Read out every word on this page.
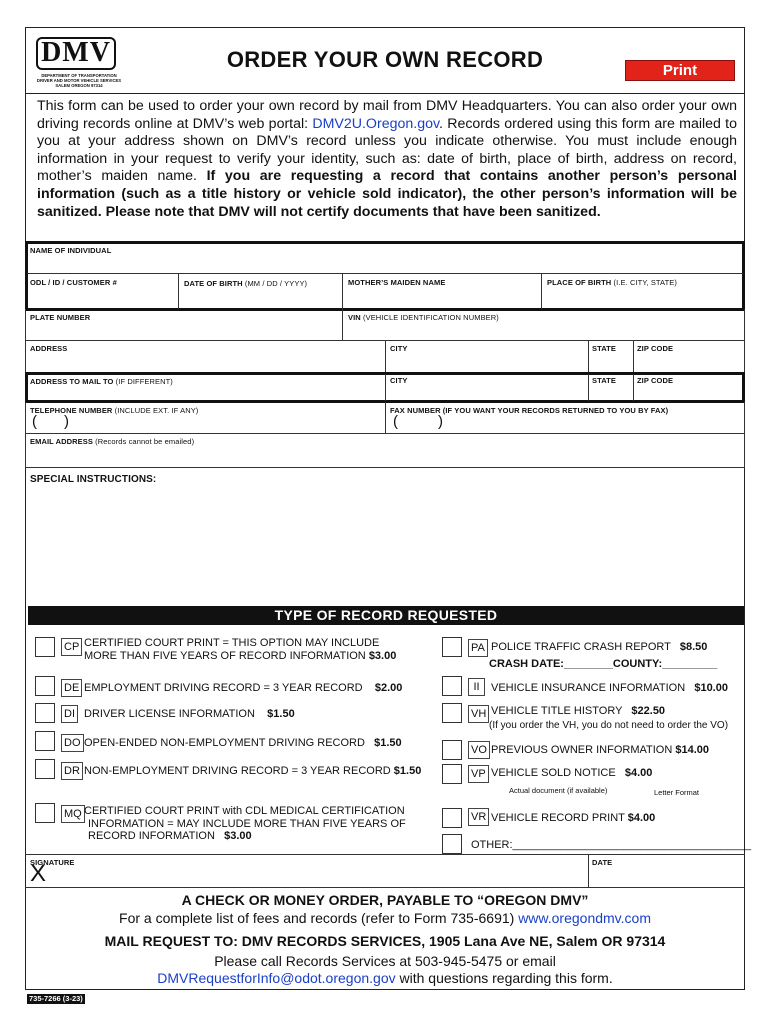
DMV
DEPARTMENT OF TRANSPORTATION DRIVER AND MOTOR VEHICLE SERVICES SALEM OREGON 97314
ORDER YOUR OWN RECORD	Print
This form can be used to order your own record by mail from DMV Headquarters. You can also order your own driving records online at DMV’s web portal: DMV2U.Oregon.gov. Records ordered using this form are mailed to you at your address shown on DMV’s record unless you indicate otherwise. You must include enough information in your request to verify your identity, such as: date of birth, place of birth, address on record, mother’s maiden name. If you are requesting a record that contains another person’s personal information (such as a title history or vehicle sold indicator), the other person’s information will be sanitized. Please note that DMV will not certify documents that have been sanitized.
NAME OF INDIVIDUAL
ODL / ID / CUSTOMER #	DATE OF BIRTH (MM / DD / YYYY)	MOTHER’S MAIDEN NAME	PLACE OF BIRTH (I.E. CITY, STATE)
PLATE NUMBER	VIN (VEHICLE IDENTIFICATION NUMBER)
ADDRESS	CITY	STATE	ZIP CODE
ADDRESS TO MAIL TO (IF DIFFERENT)	CITY	STATE	ZIP CODE
TELEPHONE NUMBER (INCLUDE EXT. IF ANY)	FAX NUMBER (IF YOU WANT YOUR RECORDS RETURNED TO YOU BY FAX)
( )	(	)
EMAIL ADDRESS (Records cannot be emailed)
SPECIAL INSTRUCTIONS:
TYPE OF RECORD REQUESTED
CP CERTIFIED COURT PRINT = THIS OPTION MAY INCLUDE
MORE THAN FIVE YEARS OF RECORD INFORMATION $3.00
DE EMPLOYMENT DRIVING RECORD = 3 YEAR RECORD $2.00
DI DRIVER LICENSE INFORMATION $1.50
DO OPEN-ENDED NON-EMPLOYMENT DRIVING RECORD $1.50
DR NON-EMPLOYMENT DRIVING RECORD = 3 YEAR RECORD $1.50
MQ CERTIFIED COURT PRINT with CDL MEDICAL CERTIFICATION
INFORMATION = MAY INCLUDE MORE THAN FIVE YEARS OF
RECORD INFORMATION $3.00
PA POLICE TRAFFIC CRASH REPORT $8.50
CRASH DATE:________COUNTY:_________
II	VEHICLE INSURANCE INFORMATION $10.00
VH VEHICLE TITLE HISTORY $22.50
(If you order the VH, you do not need to order the VO)
VO PREVIOUS OWNER INFORMATION $14.00
VP VEHICLE SOLD NOTICE $4.00
Actual document (if available)	Letter Format
VR VEHICLE RECORD PRINT $4.00
OTHER:_______________________________________
SIGNATURE
X	DATE
A CHECK OR MONEY ORDER, PAYABLE TO “OREGON DMV”
For a complete list of fees and records (refer to Form 735-6691) www.oregondmv.com
MAIL REQUEST TO: DMV RECORDS SERVICES, 1905 Lana Ave NE, Salem OR 97314
Please call Records Services at 503-945-5475 or email
DMVRequestforInfo@odot.oregon.gov with questions regarding this form.
735-7266 (3-23)
